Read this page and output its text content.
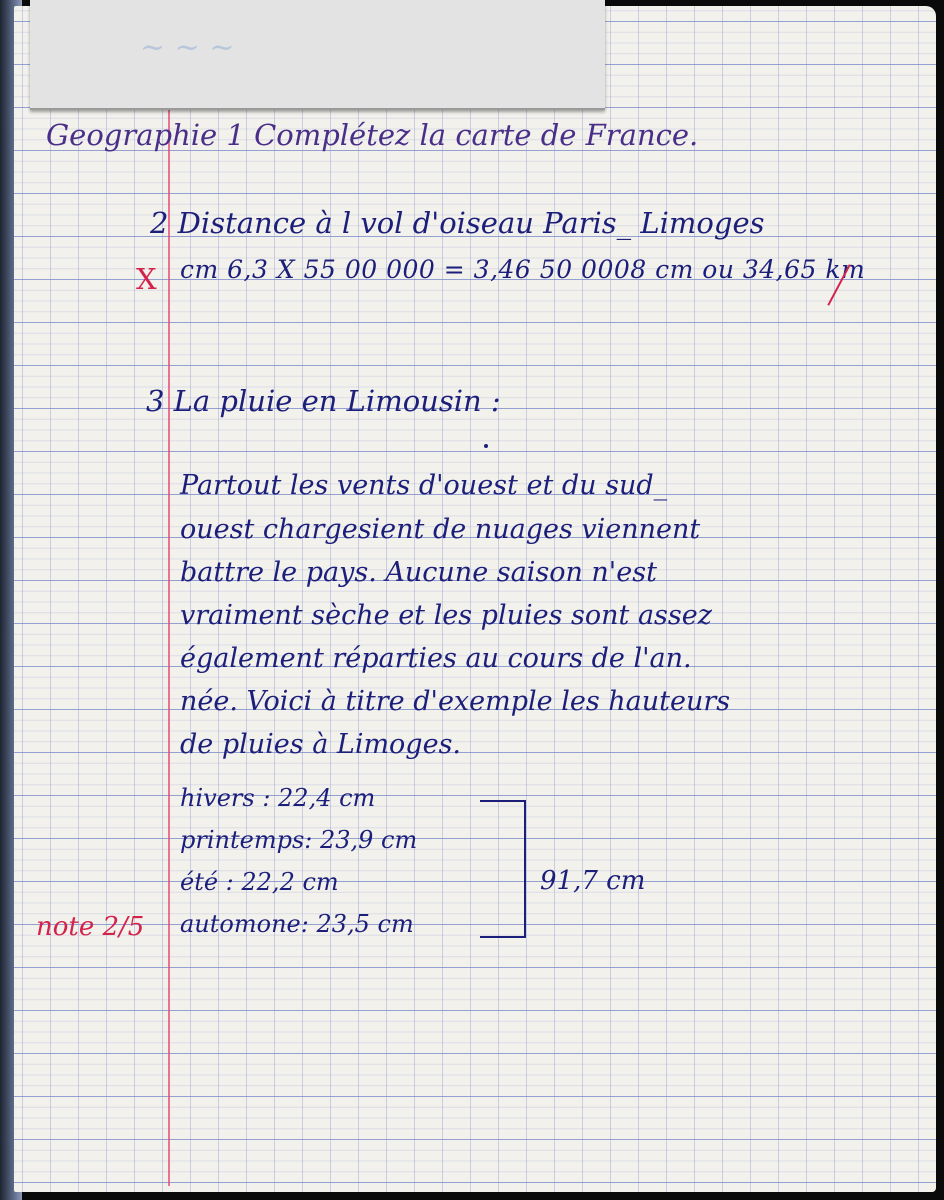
~ ~ ~
Geographie 1 Complétez la carte de France.
2 Distance à l vol d'oiseau Paris_ Limoges
X cm 6,3 X 55 00 000 = 3,46 50 0008 cm ou 34,65 km
3 La pluie en Limousin :
Partout les vents d'ouest et du sud_
ouest chargesient de nuages viennent
battre le pays. Aucune saison n'est
vraiment sèche et les pluies sont assez
également réparties au cours de l'an.
née. Voici à titre d'exemple les hauteurs
de pluies à Limoges.
hivers : 22,4 cm
printemps: 23,9 cm
été : 22,2 cm
automone: 23,5 cm
91,7 cm
note 2/5
